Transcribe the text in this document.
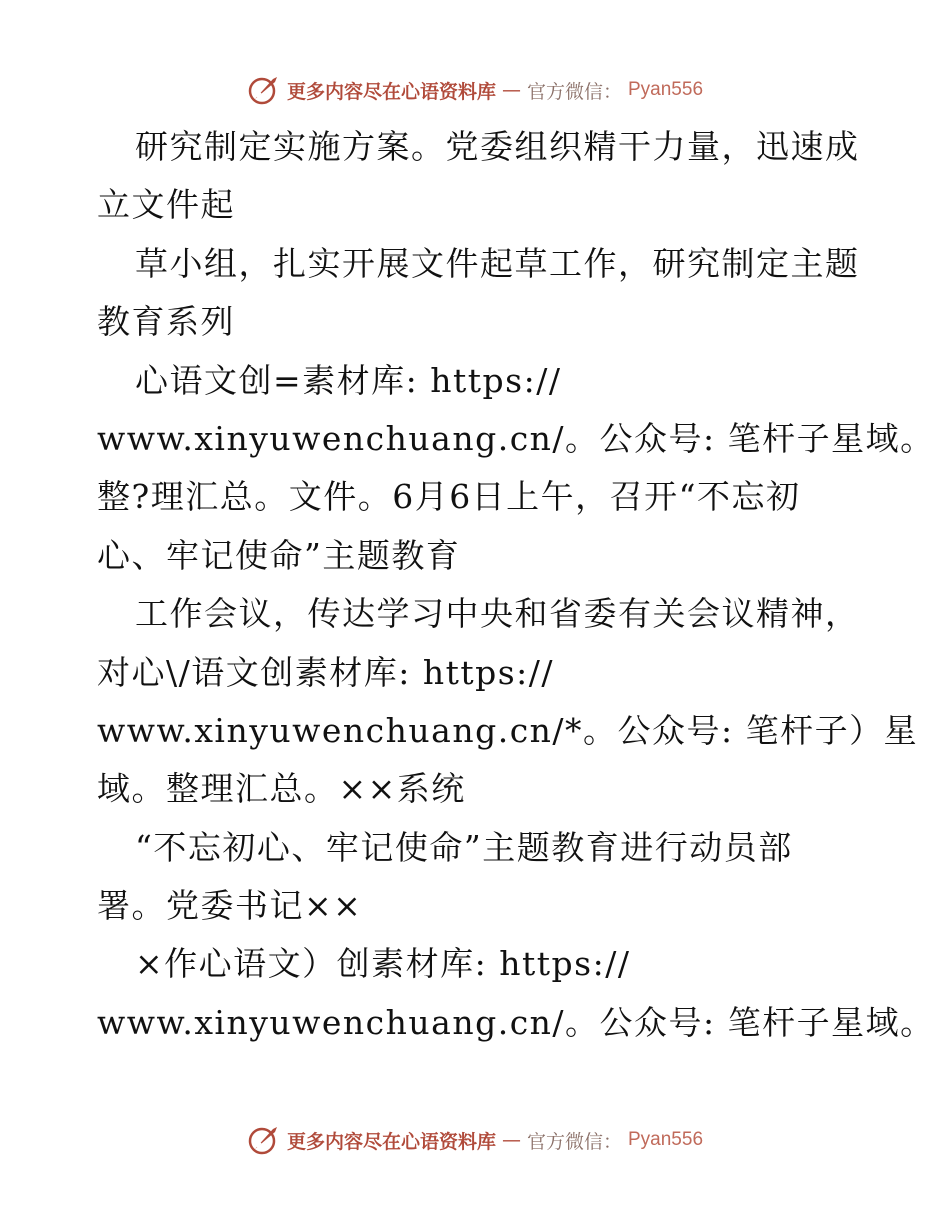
更多内容尽在心语资料库 — 官方微信： Pyan556
研究制定实施方案。党委组织精干力量，迅速成
立文件起
草小组，扎实开展文件起草工作，研究制定主题
教育系列
心语文创=素材库: https://
www.xinyuwenchuang.cn/。公众号: 笔杆子星域。
整?理汇总。文件。6月6日上午，召开“不忘初
心、牢记使命”主题教育
工作会议，传达学习中央和省委有关会议精神，
对心\/语文创素材库: https://
www.xinyuwenchuang.cn/*。公众号: 笔杆子）星
域。整理汇总。××系统
“不忘初心、牢记使命”主题教育进行动员部
署。党委书记××
×作心语文）创素材库: https://
www.xinyuwenchuang.cn/。公众号: 笔杆子星域。
更多内容尽在心语资料库 — 官方微信： Pyan556
